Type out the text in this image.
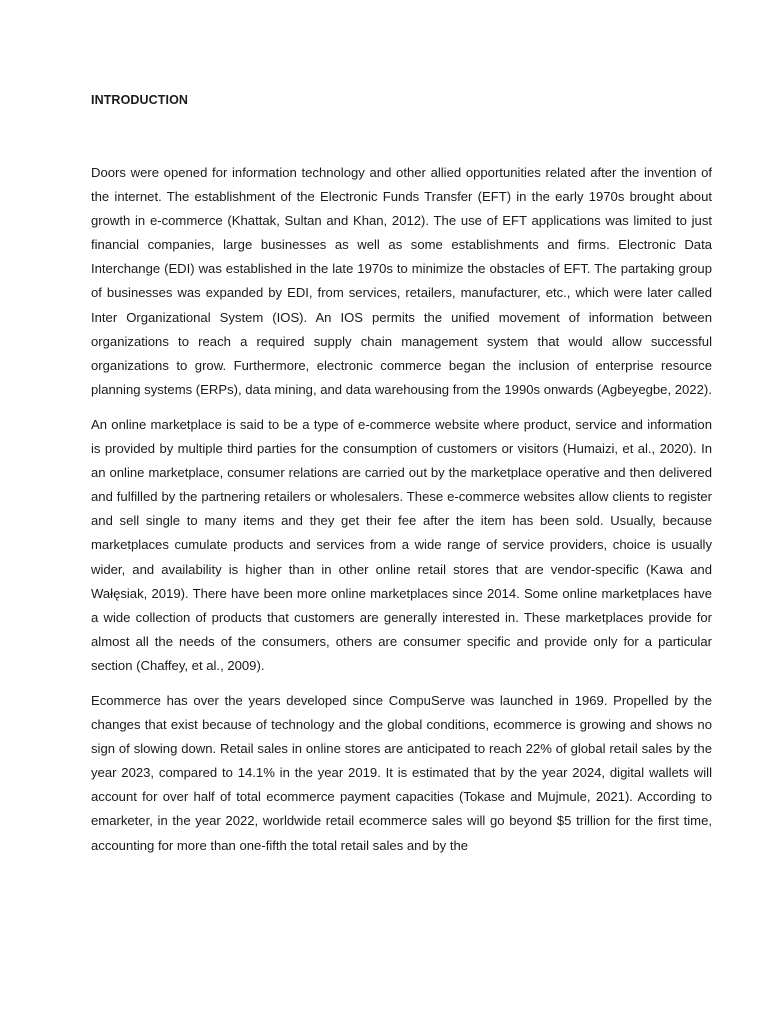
INTRODUCTION

Doors were opened for information technology and other allied opportunities related after the invention of the internet. The establishment of the Electronic Funds Transfer (EFT) in the early 1970s brought about growth in e-commerce (Khattak, Sultan and Khan, 2012). The use of EFT applications was limited to just financial companies, large businesses as well as some establishments and firms. Electronic Data Interchange (EDI) was established in the late 1970s to minimize the obstacles of EFT. The partaking group of businesses was expanded by EDI, from services, retailers, manufacturer, etc., which were later called Inter Organizational System (IOS). An IOS permits the unified movement of information between organizations to reach a required supply chain management system that would allow successful organizations to grow. Furthermore, electronic commerce began the inclusion of enterprise resource planning systems (ERPs), data mining, and data warehousing from the 1990s onwards (Agbeyegbe, 2022).

An online marketplace is said to be a type of e-commerce website where product, service and information is provided by multiple third parties for the consumption of customers or visitors (Humaizi, et al., 2020). In an online marketplace, consumer relations are carried out by the marketplace operative and then delivered and fulfilled by the partnering retailers or wholesalers. These e-commerce websites allow clients to register and sell single to many items and they get their fee after the item has been sold. Usually, because marketplaces cumulate products and services from a wide range of service providers, choice is usually wider, and availability is higher than in other online retail stores that are vendor-specific (Kawa and Wałęsiak, 2019). There have been more online marketplaces since 2014. Some online marketplaces have a wide collection of products that customers are generally interested in. These marketplaces provide for almost all the needs of the consumers, others are consumer specific and provide only for a particular section (Chaffey, et al., 2009).

Ecommerce has over the years developed since CompuServe was launched in 1969. Propelled by the changes that exist because of technology and the global conditions, ecommerce is growing and shows no sign of slowing down. Retail sales in online stores are anticipated to reach 22% of global retail sales by the year 2023, compared to 14.1% in the year 2019. It is estimated that by the year 2024, digital wallets will account for over half of total ecommerce payment capacities (Tokase and Mujmule, 2021). According to emarketer, in the year 2022, worldwide retail ecommerce sales will go beyond $5 trillion for the first time, accounting for more than one-fifth the total retail sales and by the
